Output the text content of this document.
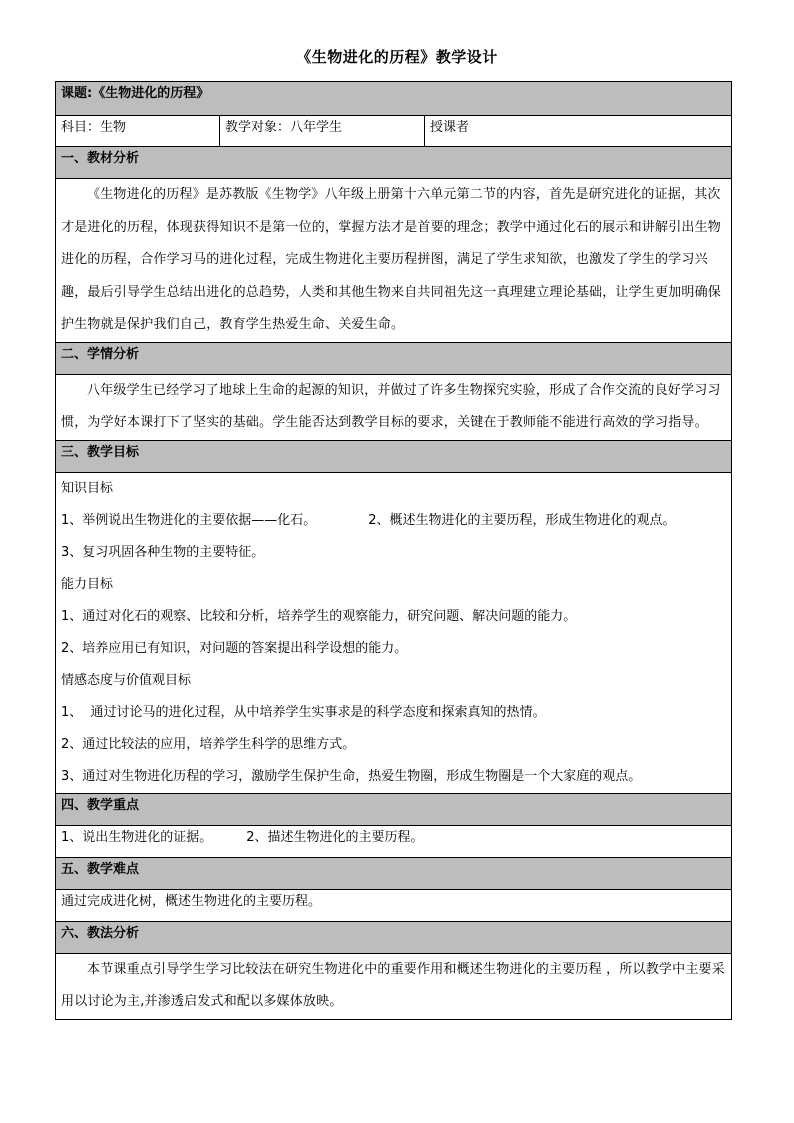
《生物进化的历程》教学设计
课题:《生物进化的历程》
科目：生物	教学对象：八年学生	授课者
一、教材分析

《生物进化的历程》是苏教版《生物学》八年级上册第十六单元第二节的内容，首先是研究进化的证据，其次才是进化的历程，体现获得知识不是第一位的，掌握方法才是首要的理念；教学中通过化石的展示和讲解引出生物进化的历程，合作学习马的进化过程，完成生物进化主要历程拼图，满足了学生求知欲，也激发了学生的学习兴趣，最后引导学生总结出进化的总趋势，人类和其他生物来自共同祖先这一真理建立理论基础，让学生更加明确保护生物就是保护我们自己，教育学生热爱生命、关爱生命。

二、学情分析

八年级学生已经学习了地球上生命的起源的知识，并做过了许多生物探究实验，形成了合作交流的良好学习习惯，为学好本课打下了坚实的基础。学生能否达到教学目标的要求，关键在于教师能不能进行高效的学习指导。

三、教学目标

知识目标

1、举例说出生物进化的主要依据——化石。	2、概述生物进化的主要历程，形成生物进化的观点。

3、复习巩固各种生物的主要特征。

能力目标

1、通过对化石的观察、比较和分析，培养学生的观察能力，研究问题、解决问题的能力。

2、培养应用已有知识，对问题的答案提出科学设想的能力。

情感态度与价值观目标

1、  通过讨论马的进化过程，从中培养学生实事求是的科学态度和探索真知的热情。

2、通过比较法的应用，培养学生科学的思维方式。

3、通过对生物进化历程的学习，激励学生保护生命，热爱生物圈，形成生物圈是一个大家庭的观点。

四、教学重点
1、说出生物进化的证据。	2、描述生物进化的主要历程。
五、教学难点
通过完成进化树，概述生物进化的主要历程。
六、教法分析

本节课重点引导学生学习比较法在研究生物进化中的重要作用和概述生物进化的主要历程 ，所以教学中主要采用以讨论为主,并渗透启发式和配以多媒体放映。
